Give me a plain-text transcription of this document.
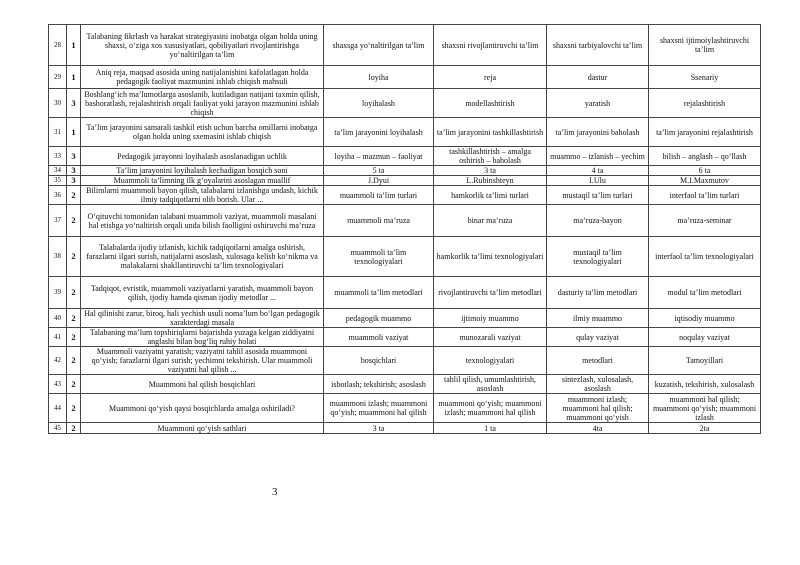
28	1	Talabaning fikrlash va harakat strategiyasini inobatga olgan holda uning shaxsi, o‘ziga xos xususiyatlari, qobiliyatlari rivojlantirishga yo‘naltirilgan ta’lim	shaxsga yo‘naltirilgan ta’lim	shaxsni rivojlantiruvchi ta’lim	shaxsni tarbiyalovchi ta’lim	shaxsni ijtimoiylashtiruvchi ta’lim
29	1	Aniq reja, maqsad asosida uning natijalanishini kafolatlagan holda pedagogik faoliyat mazmunini ishlab chiqish mahsuli	loyiha	reja	dastur	Ssenariy
30	3	Boshlang‘ich ma’lumotlarga asoslanib, kutiladigan natijani taxmin qilish, bashoratlash, rejalashtirish orqali faoliyat yoki jarayon mazmunini ishlab chiqish	loyihalash	modellashtirish	yaratish	rejalashtirish
31	1	Ta’lim jarayonini samarali tashkil etish uchun barcha omillarni inobatga olgan holda uning sxemasini ishlab chiqish	ta’lim jarayonini loyihalash	ta’lim jarayonini tashkillashtirish	ta’lim jarayonini baholash	ta’lim jarayonini rejalashtirish
33	3	Pedagogik jarayonni loyihalash asoslanadigan uchlik	loyiha – mazmun – faoliyat	tashkillashtirish – amalga oshirish – baholash	muammo – izlanish – yechim	bilish – anglash – qo‘llash
34	3	Ta’lim jarayonini loyihalash kechadigan bosqich soni	5 ta	3 ta	4 ta	6 ta
35	3	Muammoli ta’limning ilk g‘oyalarini asoslagan muallif	J.Dyui	L.Rubinshteyn	I.Ulu	M.I.Maxmutov
36	2	Bilimlarni muammoli bayon qilish, talabalarni izlanishga undash, kichik ilmiy tadqiqotlarni olib borish. Ular ...	muammoli ta’lim turlari	hamkorlik ta’limi turlari	mustaqil ta’lim turlari	interfaol ta’lim turlari
37	2	O‘qituvchi tomonidan talabani muammoli vaziyat, muammoli masalani hal etishga yo‘naltirish orqali unda bilish faolligini oshiruvchi ma’ruza	muammoli ma’ruza	binar ma’ruza	ma’ruza-bayon	ma’ruza-seminar
38	2	Talabalarda ijodiy izlanish, kichik tadqiqotlarni amalga oshirish, farazlarni ilgari surish, natijalarni asoslash, xulosaga kelish ko‘nikma va malakalarni shakllantiruvchi ta’lim texnologiyalari	muammoli ta’lim texnologiyalari	hamkorlik ta’limi texnologiyalari	mustaqil ta’lim texnologiyalari	interfaol ta’lim texnologiyalari
39	2	Tadqiqot, evristik, muammoli vaziyatlarni yaratish, muammoli bayon qilish, ijodiy hamda qisman ijodiy metodlar ...	muammoli ta’lim metodlari	rivojlantiruvchi ta’lim metodlari	dasturiy ta’lim metodlari	modul ta’lim metodlari
40	2	Hal qilinishi zarur, biroq, hali yechish usuli noma’lum bo‘lgan pedagogik xarakterdagi masala	pedagogik muammo	ijtimoiy muammo	ilmiy muammo	iqtisodiy muammo
41	2	Talabaning ma’lum topshiriqlarni bajarishda yuzaga kelgan ziddiyatni anglashi bilan bog‘liq ruhiy holati	muammoli vaziyat	munozarali vaziyat	qulay vaziyat	noqulay vaziyat
42	2	Muammoli vaziyatni yaratish; vaziyatni tahlil asosida muammoni qo‘yish; farazlarni ilgari surish; yechimni tekshirish. Ular muammoli vaziyatni hal qilish ...	bosqichlari	texnologiyalari	metodlari	Tamoyillari
43	2	Muammoni hal qilish bosqichlari	isbotlash; tekshirish; asoslash	tahlil qilish, umumlashtirish, asoslash	sintezlash, xulosalash, asoslash	kuzatish, tekshirish, xulosalash
44	2	Muammoni qo‘yish qaysi bosqichlarda amalga oshiriladi?	muammoni izlash; muammoni qo‘yish; muammoni hal qilish	muammoni qo‘yish; muammoni izlash; muammoni hal qilish	muammoni izlash; muammoni hal qilish; muammoni qo‘yish	muammoni hal qilish; muammoni qo‘yish; muammoni izlash
45	2	Muammoni qo‘yish sathlari	3 ta	1 ta	4ta	2ta
3
